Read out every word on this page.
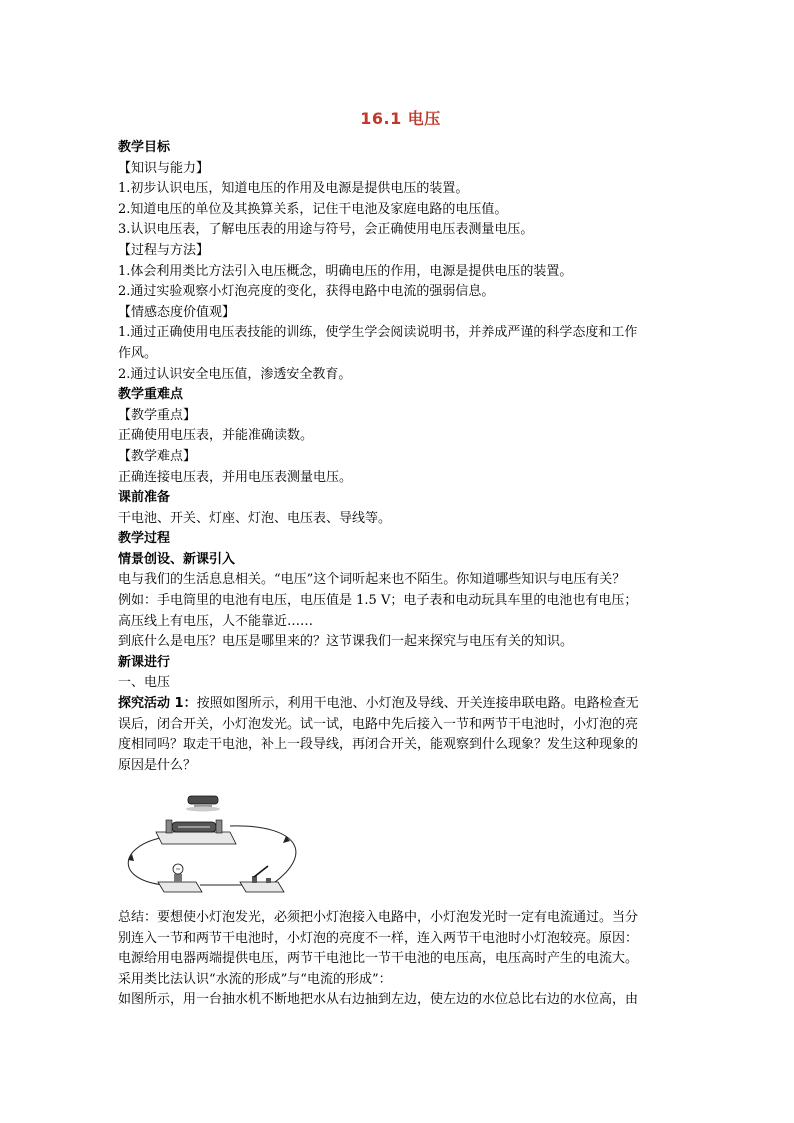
16.1 电压
教学目标
【知识与能力】
1.初步认识电压，知道电压的作用及电源是提供电压的装置。
2.知道电压的单位及其换算关系，记住干电池及家庭电路的电压值。
3.认识电压表，了解电压表的用途与符号，会正确使用电压表测量电压。
【过程与方法】
1.体会利用类比方法引入电压概念，明确电压的作用，电源是提供电压的装置。
2.通过实验观察小灯泡亮度的变化，获得电路中电流的强弱信息。
【情感态度价值观】
1.通过正确使用电压表技能的训练，使学生学会阅读说明书，并养成严谨的科学态度和工作
作风。
2.通过认识安全电压值，渗透安全教育。
教学重难点
【教学重点】
正确使用电压表，并能准确读数。
【教学难点】
正确连接电压表，并用电压表测量电压。
课前准备
干电池、开关、灯座、灯泡、电压表、导线等。
教学过程
情景创设、新课引入
电与我们的生活息息相关。“电压”这个词听起来也不陌生。你知道哪些知识与电压有关？
例如：手电筒里的电池有电压，电压值是 1.5 V；电子表和电动玩具车里的电池也有电压；
高压线上有电压，人不能靠近……
到底什么是电压？电压是哪里来的？这节课我们一起来探究与电压有关的知识。
新课进行
一、电压
探究活动 1：按照如图所示，利用干电池、小灯泡及导线、开关连接串联电路。电路检查无
误后，闭合开关，小灯泡发光。试一试，电路中先后接入一节和两节干电池时，小灯泡的亮
度相同吗？取走干电池，补上一段导线，再闭合开关，能观察到什么现象？发生这种现象的
原因是什么？
总结：要想使小灯泡发光，必须把小灯泡接入电路中，小灯泡发光时一定有电流通过。当分
别连入一节和两节干电池时，小灯泡的亮度不一样，连入两节干电池时小灯泡较亮。原因：
电源给用电器两端提供电压，两节干电池比一节干电池的电压高，电压高时产生的电流大。
采用类比法认识“水流的形成”与“电流的形成”：
如图所示，用一台抽水机不断地把水从右边抽到左边，使左边的水位总比右边的水位高，由
